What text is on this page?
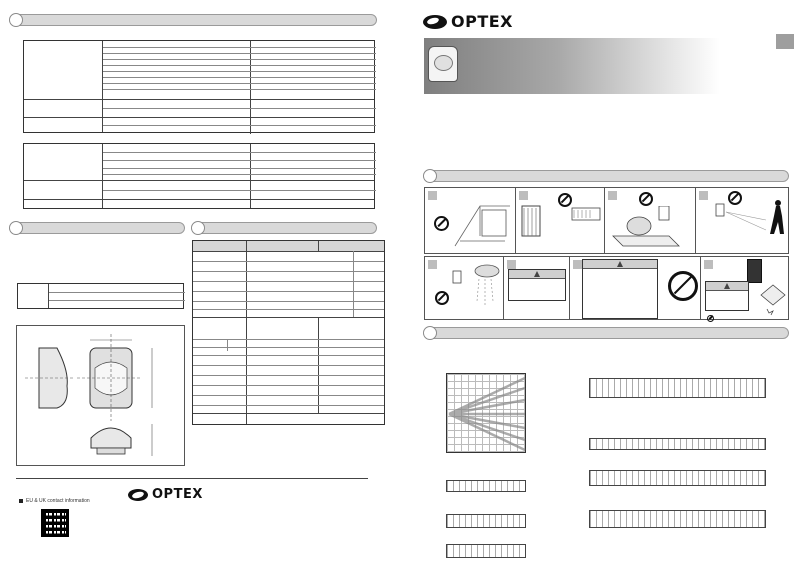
OPTEX
EU & UK contact information
OPTEX
